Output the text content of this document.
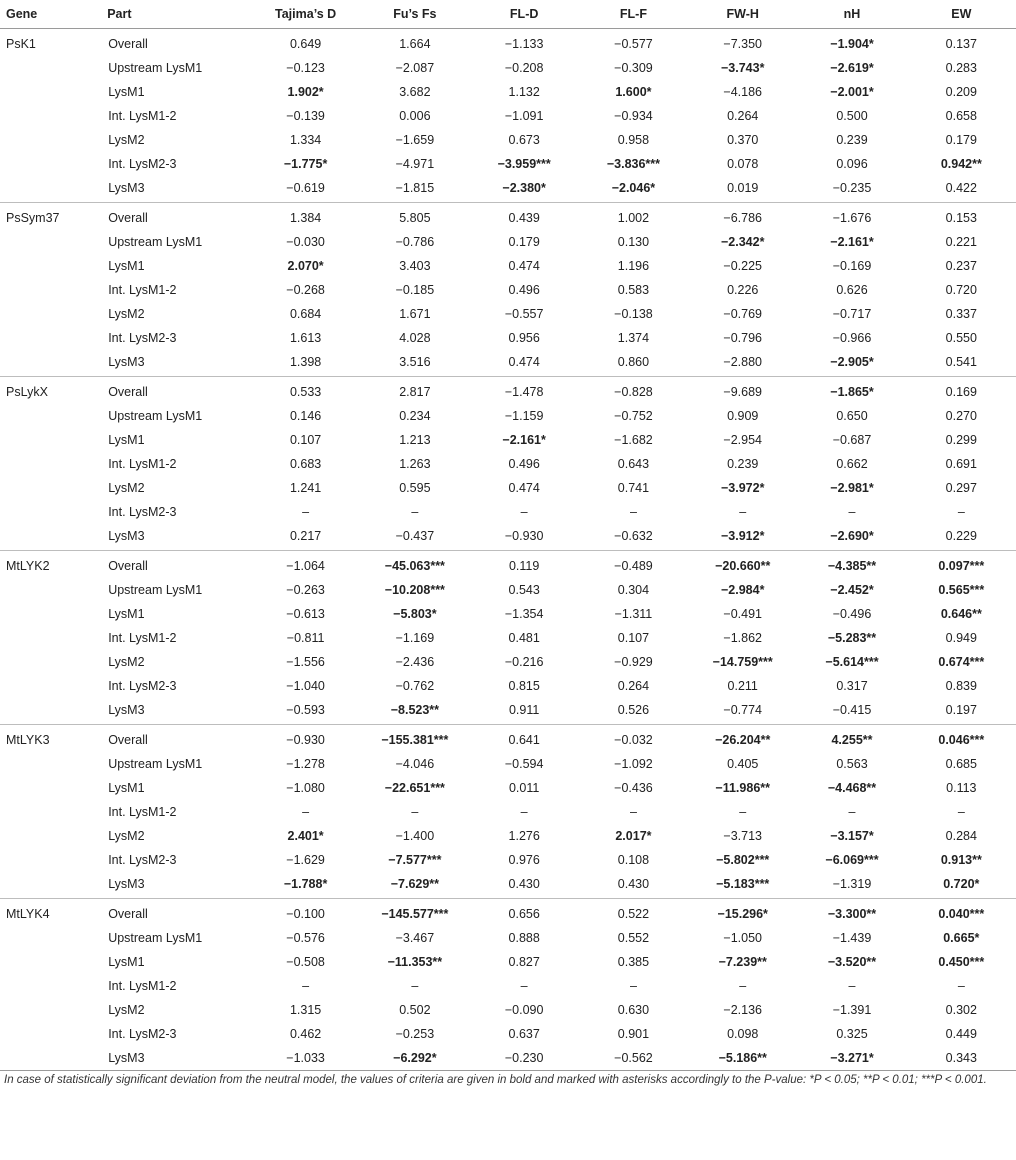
Gene	Part	Tajima’s D	Fu’s Fs	FL-D	FL-F	FW-H	nH	EW
PsK1	Overall	0.649	1.664	−1.133	−0.577	−7.350	−1.904*	0.137
	Upstream LysM1	−0.123	−2.087	−0.208	−0.309	−3.743*	−2.619*	0.283
	LysM1	1.902*	3.682	1.132	1.600*	−4.186	−2.001*	0.209
	Int. LysM1-2	−0.139	0.006	−1.091	−0.934	0.264	0.500	0.658
	LysM2	1.334	−1.659	0.673	0.958	0.370	0.239	0.179
	Int. LysM2-3	−1.775*	−4.971	−3.959***	−3.836***	0.078	0.096	0.942**
	LysM3	−0.619	−1.815	−2.380*	−2.046*	0.019	−0.235	0.422
PsSym37	Overall	1.384	5.805	0.439	1.002	−6.786	−1.676	0.153
	Upstream LysM1	−0.030	−0.786	0.179	0.130	−2.342*	−2.161*	0.221
	LysM1	2.070*	3.403	0.474	1.196	−0.225	−0.169	0.237
	Int. LysM1-2	−0.268	−0.185	0.496	0.583	0.226	0.626	0.720
	LysM2	0.684	1.671	−0.557	−0.138	−0.769	−0.717	0.337
	Int. LysM2-3	1.613	4.028	0.956	1.374	−0.796	−0.966	0.550
	LysM3	1.398	3.516	0.474	0.860	−2.880	−2.905*	0.541
PsLykX	Overall	0.533	2.817	−1.478	−0.828	−9.689	−1.865*	0.169
	Upstream LysM1	0.146	0.234	−1.159	−0.752	0.909	0.650	0.270
	LysM1	0.107	1.213	−2.161*	−1.682	−2.954	−0.687	0.299
	Int. LysM1-2	0.683	1.263	0.496	0.643	0.239	0.662	0.691
	LysM2	1.241	0.595	0.474	0.741	−3.972*	−2.981*	0.297
	Int. LysM2-3	–	–	–	–	–	–	–
	LysM3	0.217	−0.437	−0.930	−0.632	−3.912*	−2.690*	0.229
MtLYK2	Overall	−1.064	−45.063***	0.119	−0.489	−20.660**	−4.385**	0.097***
	Upstream LysM1	−0.263	−10.208***	0.543	0.304	−2.984*	−2.452*	0.565***
	LysM1	−0.613	−5.803*	−1.354	−1.311	−0.491	−0.496	0.646**
	Int. LysM1-2	−0.811	−1.169	0.481	0.107	−1.862	−5.283**	0.949
	LysM2	−1.556	−2.436	−0.216	−0.929	−14.759***	−5.614***	0.674***
	Int. LysM2-3	−1.040	−0.762	0.815	0.264	0.211	0.317	0.839
	LysM3	−0.593	−8.523**	0.911	0.526	−0.774	−0.415	0.197
MtLYK3	Overall	−0.930	−155.381***	0.641	−0.032	−26.204**	4.255**	0.046***
	Upstream LysM1	−1.278	−4.046	−0.594	−1.092	0.405	0.563	0.685
	LysM1	−1.080	−22.651***	0.011	−0.436	−11.986**	−4.468**	0.113
	Int. LysM1-2	–	–	–	–	–	–	–
	LysM2	2.401*	−1.400	1.276	2.017*	−3.713	−3.157*	0.284
	Int. LysM2-3	−1.629	−7.577***	0.976	0.108	−5.802***	−6.069***	0.913**
	LysM3	−1.788*	−7.629**	0.430	0.430	−5.183***	−1.319	0.720*
MtLYK4	Overall	−0.100	−145.577***	0.656	0.522	−15.296*	−3.300**	0.040***
	Upstream LysM1	−0.576	−3.467	0.888	0.552	−1.050	−1.439	0.665*
	LysM1	−0.508	−11.353**	0.827	0.385	−7.239**	−3.520**	0.450***
	Int. LysM1-2	–	–	–	–	–	–	–
	LysM2	1.315	0.502	−0.090	0.630	−2.136	−1.391	0.302
	Int. LysM2-3	0.462	−0.253	0.637	0.901	0.098	0.325	0.449
	LysM3	−1.033	−6.292*	−0.230	−0.562	−5.186**	−3.271*	0.343
In case of statistically significant deviation from the neutral model, the values of criteria are given in bold and marked with asterisks accordingly to the P-value: *P < 0.05; **P < 0.01; ***P < 0.001.
